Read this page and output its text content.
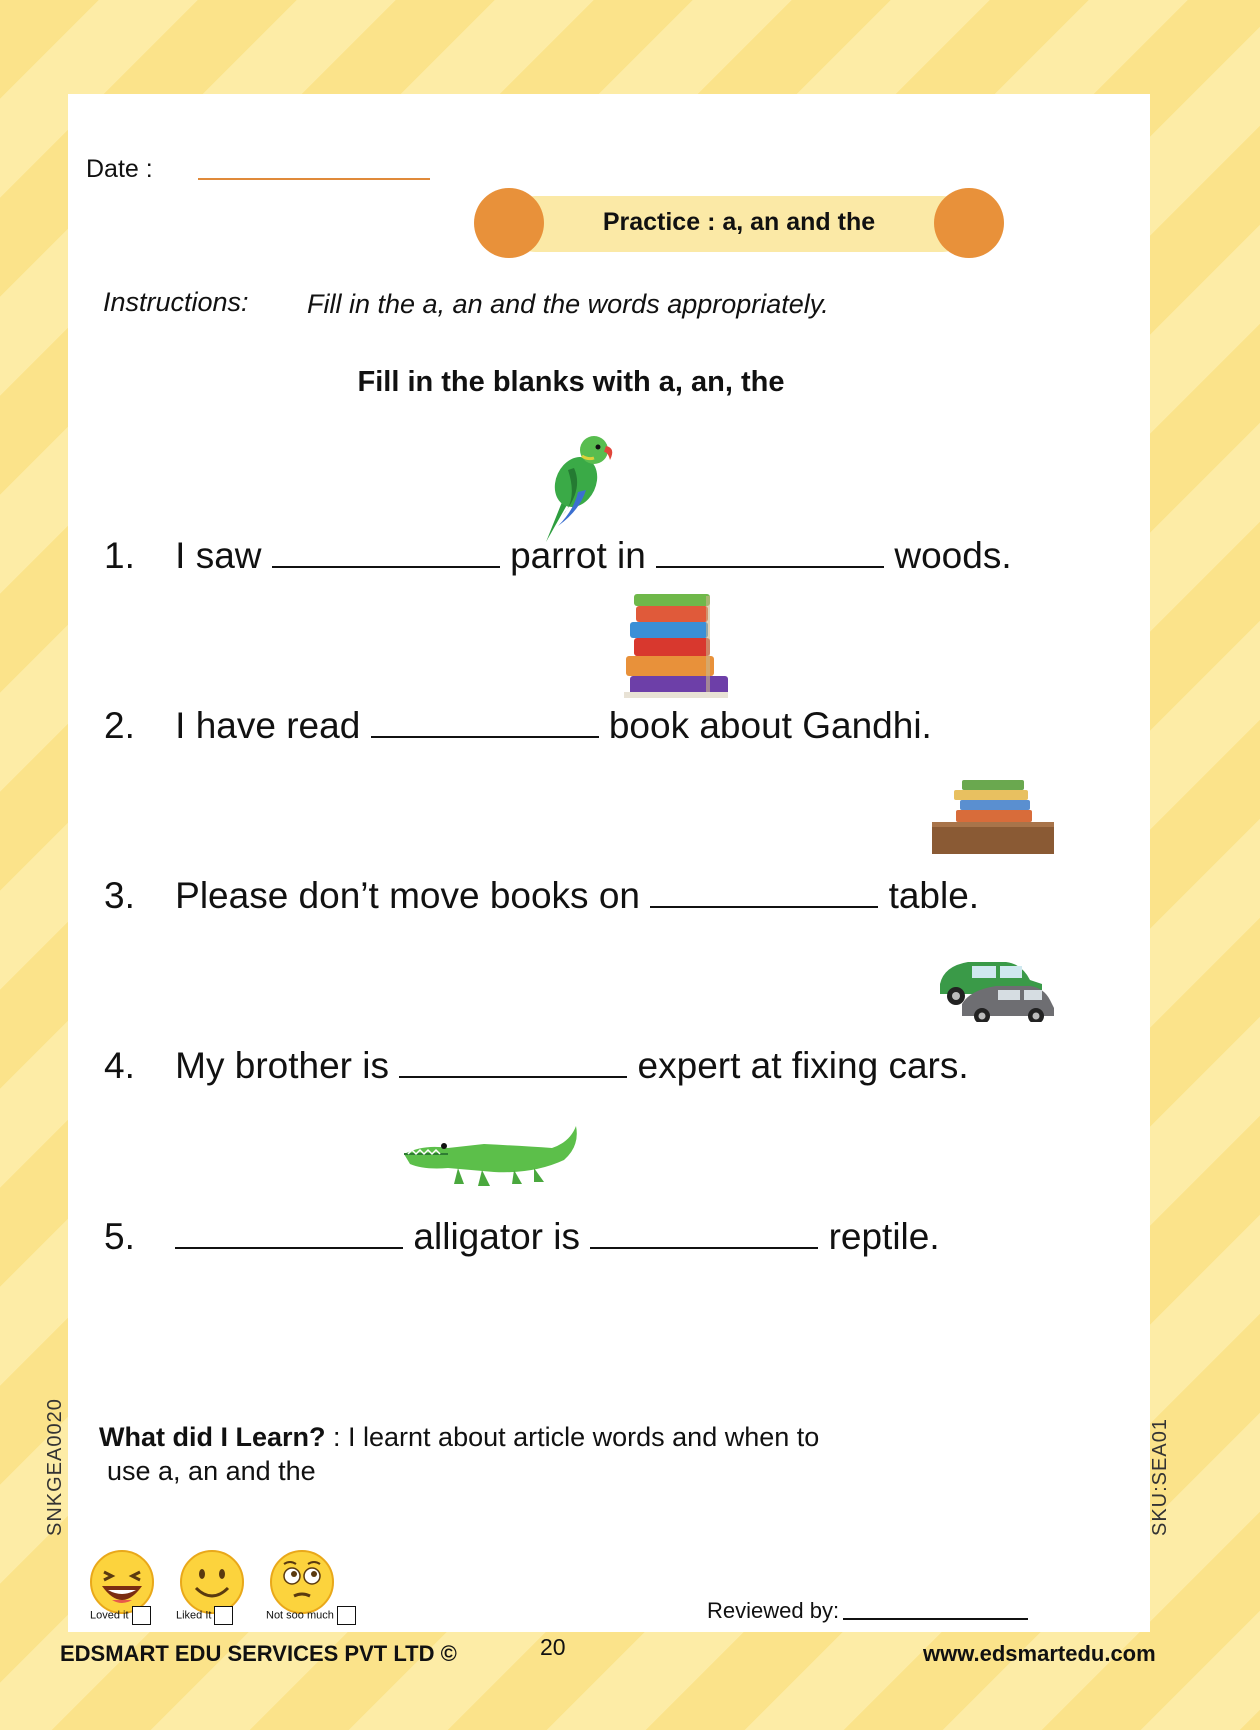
Date :
Practice : a, an and the
Instructions: Fill in the a, an and the words appropriately.
Fill in the blanks with a, an, the
1. I saw	parrot in	woods.
2. I have read	book about Gandhi.
3. Please don’t move books on	table.
4. My brother is	expert at fixing cars.
5.	alligator is	reptile.
What did I Learn? : I learnt about article words and when to
use a, an and the
SNKGEA0020	SKU:SEA01
Loved it	Liked It	Not soo much	Reviewed by:
EDSMART EDU SERVICES PVT LTD ©	20	www.edsmartedu.com
